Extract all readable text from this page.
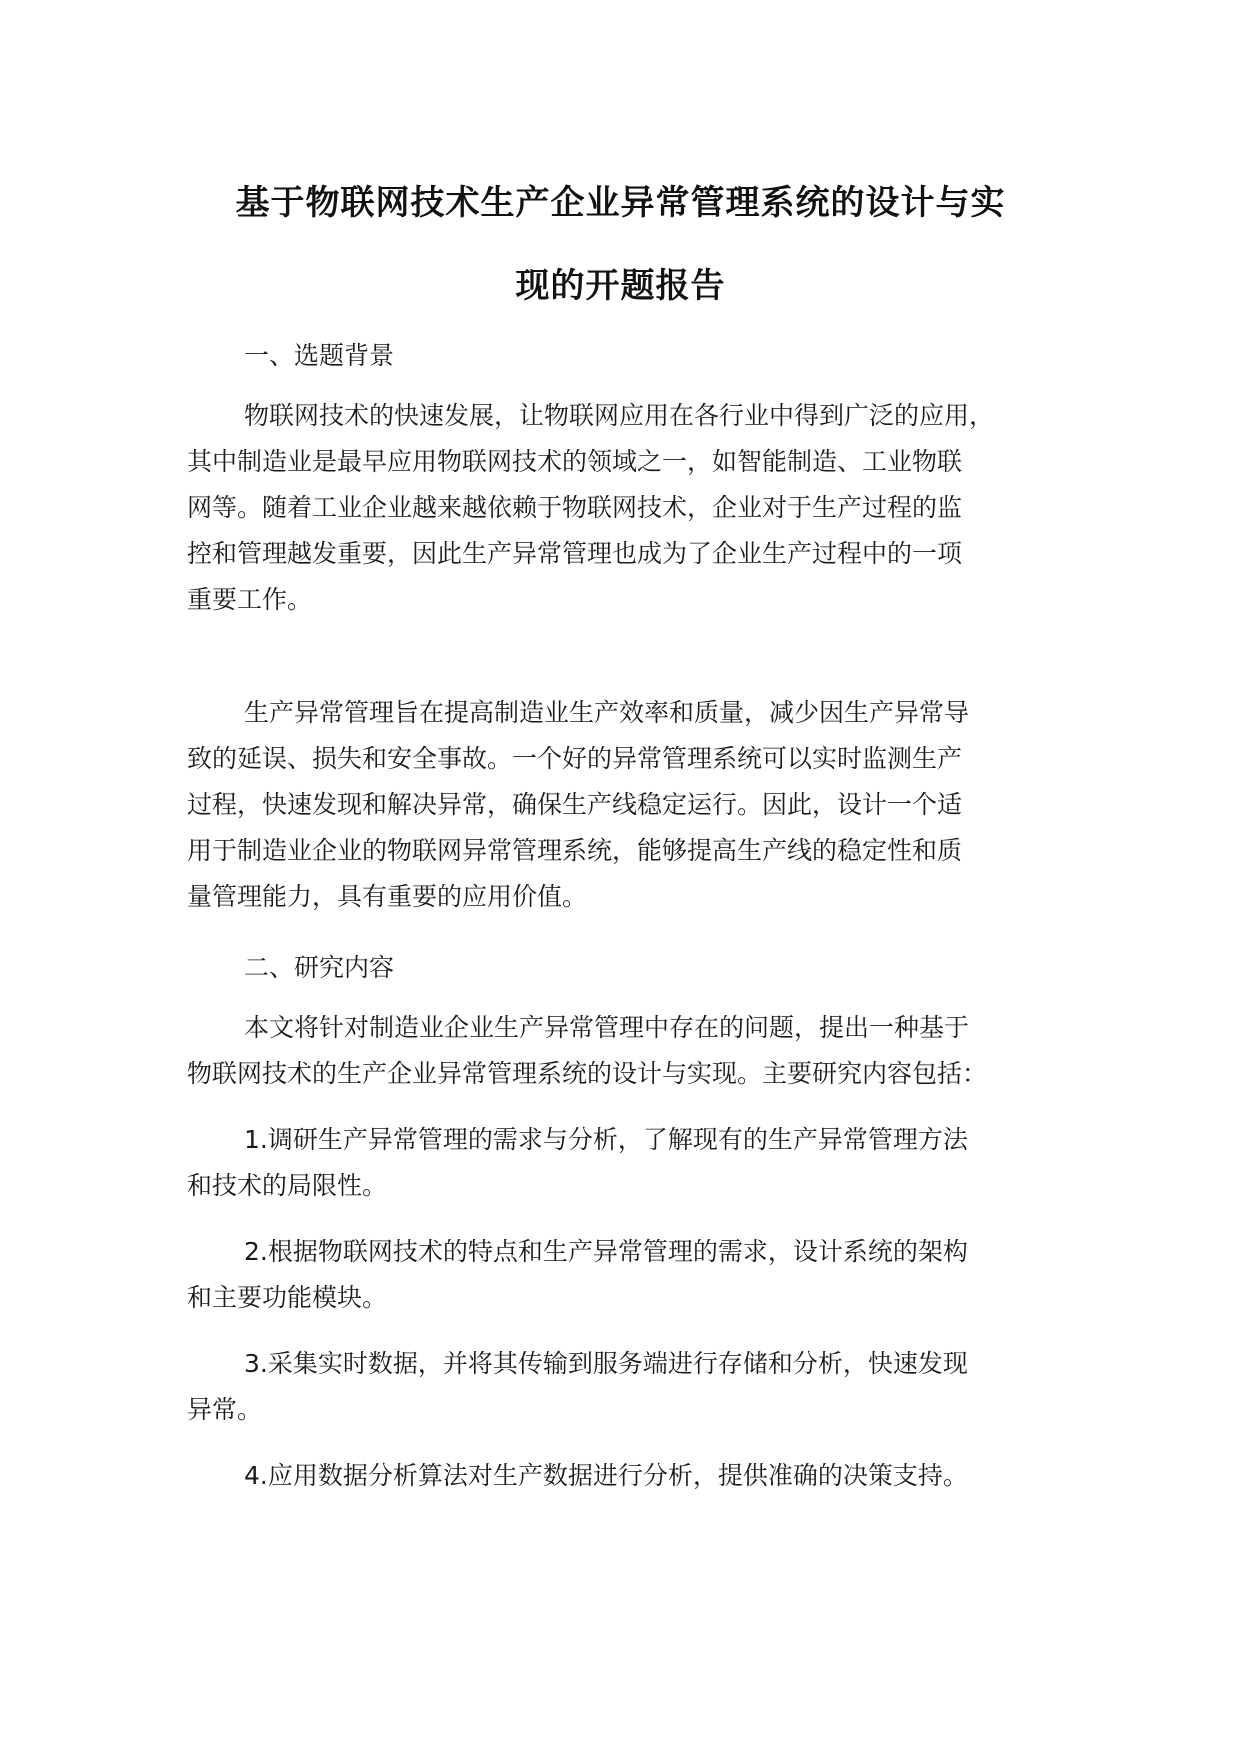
基于物联网技术生产企业异常管理系统的设计与实
现的开题报告
一、选题背景
物联网技术的快速发展，让物联网应用在各行业中得到广泛的应用，
其中制造业是最早应用物联网技术的领域之一，如智能制造、工业物联
网等。随着工业企业越来越依赖于物联网技术，企业对于生产过程的监
控和管理越发重要，因此生产异常管理也成为了企业生产过程中的一项
重要工作。
生产异常管理旨在提高制造业生产效率和质量，减少因生产异常导
致的延误、损失和安全事故。一个好的异常管理系统可以实时监测生产
过程，快速发现和解决异常，确保生产线稳定运行。因此，设计一个适
用于制造业企业的物联网异常管理系统，能够提高生产线的稳定性和质
量管理能力，具有重要的应用价值。
二、研究内容
本文将针对制造业企业生产异常管理中存在的问题，提出一种基于
物联网技术的生产企业异常管理系统的设计与实现。主要研究内容包括：
1.调研生产异常管理的需求与分析，了解现有的生产异常管理方法
和技术的局限性。
2.根据物联网技术的特点和生产异常管理的需求，设计系统的架构
和主要功能模块。
3.采集实时数据，并将其传输到服务端进行存储和分析，快速发现
异常。
4.应用数据分析算法对生产数据进行分析，提供准确的决策支持。
